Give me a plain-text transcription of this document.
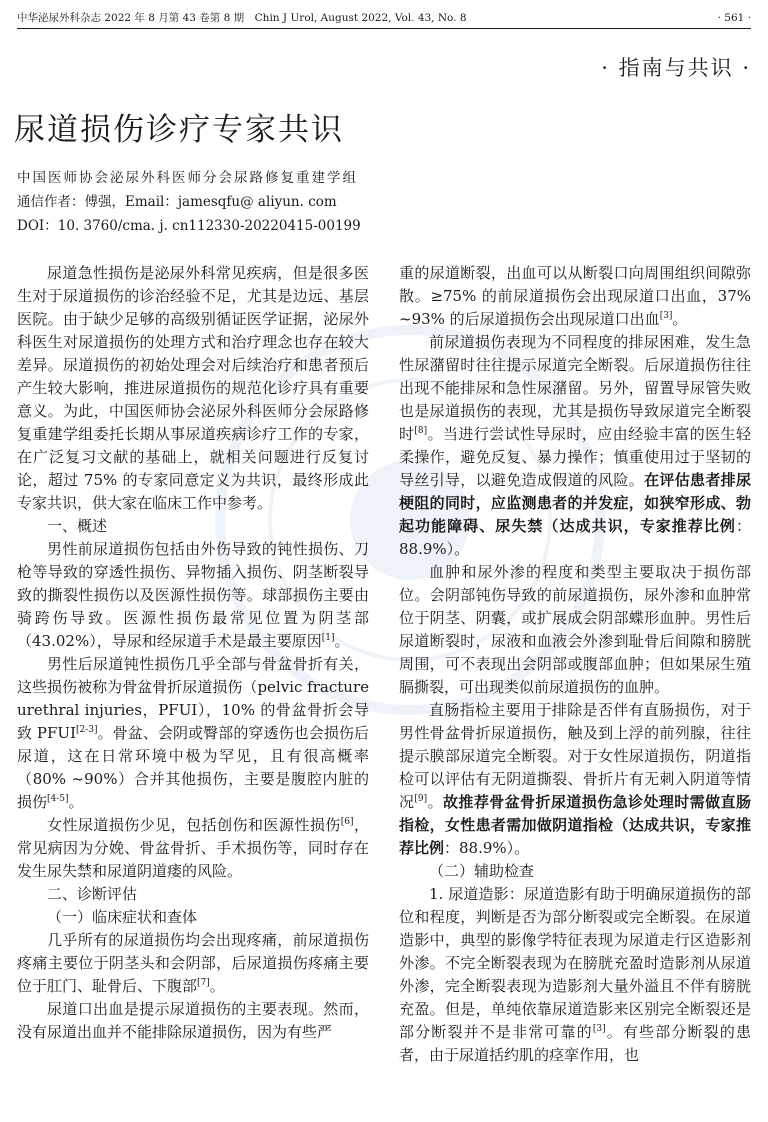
中华泌尿外科杂志 2022 年 8 月第 43 卷第 8 期　Chin J Urol, August 2022, Vol. 43, No. 8	· 561 ·
· 指南与共识 ·
尿道损伤诊疗专家共识
中国医师协会泌尿外科医师分会尿路修复重建学组
通信作者：傅强，Email：jamesqfu@ aliyun. com
DOI：10. 3760/cma. j. cn112330-20220415-00199

尿道急性损伤是泌尿外科常见疾病，但是很多医生对于尿道损伤的诊治经验不足，尤其是边远、基层医院。由于缺少足够的高级别循证医学证据，泌尿外科医生对尿道损伤的处理方式和治疗理念也存在较大差异。尿道损伤的初始处理会对后续治疗和患者预后产生较大影响，推进尿道损伤的规范化诊疗具有重要意义。为此，中国医师协会泌尿外科医师分会尿路修复重建学组委托长期从事尿道疾病诊疗工作的专家，在广泛复习文献的基础上，就相关问题进行反复讨论，超过 75% 的专家同意定义为共识，最终形成此专家共识，供大家在临床工作中参考。

一、概述

男性前尿道损伤包括由外伤导致的钝性损伤、刀枪等导致的穿透性损伤、异物插入损伤、阴茎断裂导致的撕裂性损伤以及医源性损伤等。球部损伤主要由骑跨伤导致。医源性损伤最常见位置为阴茎部（43.02%），导尿和经尿道手术是最主要原因[1]。

男性后尿道钝性损伤几乎全部与骨盆骨折有关，这些损伤被称为骨盆骨折尿道损伤（pelvic fracture urethral injuries，PFUI），10% 的骨盆骨折会导致 PFUI[2-3]。骨盆、会阴或臀部的穿透伤也会损伤后尿道，这在日常环境中极为罕见，且有很高概率（80% ~90%）合并其他损伤，主要是腹腔内脏的损伤[4-5]。

女性尿道损伤少见，包括创伤和医源性损伤[6]，常见病因为分娩、骨盆骨折、手术损伤等，同时存在发生尿失禁和尿道阴道瘘的风险。

二、诊断评估
（一）临床症状和查体

几乎所有的尿道损伤均会出现疼痛，前尿道损伤疼痛主要位于阴茎头和会阴部，后尿道损伤疼痛主要位于肛门、耻骨后、下腹部[7]。

尿道口出血是提示尿道损伤的主要表现。然而，没有尿道出血并不能排除尿道损伤，因为有些严

重的尿道断裂，出血可以从断裂口向周围组织间隙弥散。≥75% 的前尿道损伤会出现尿道口出血，37% ~93% 的后尿道损伤会出现尿道口出血[3]。

前尿道损伤表现为不同程度的排尿困难，发生急性尿潴留时往往提示尿道完全断裂。后尿道损伤往往出现不能排尿和急性尿潴留。另外，留置导尿管失败也是尿道损伤的表现，尤其是损伤导致尿道完全断裂时[8]。当进行尝试性导尿时，应由经验丰富的医生轻柔操作，避免反复、暴力操作；慎重使用过于坚韧的导丝引导，以避免造成假道的风险。在评估患者排尿梗阻的同时，应监测患者的并发症，如狭窄形成、勃起功能障碍、尿失禁（达成共识，专家推荐比例：88.9%）。

血肿和尿外渗的程度和类型主要取决于损伤部位。会阴部钝伤导致的前尿道损伤，尿外渗和血肿常位于阴茎、阴囊，或扩展成会阴部蝶形血肿。男性后尿道断裂时，尿液和血液会外渗到耻骨后间隙和膀胱周围，可不表现出会阴部或腹部血肿；但如果尿生殖膈撕裂，可出现类似前尿道损伤的血肿。

直肠指检主要用于排除是否伴有直肠损伤，对于男性骨盆骨折尿道损伤，触及到上浮的前列腺，往往提示膜部尿道完全断裂。对于女性尿道损伤，阴道指检可以评估有无阴道撕裂、骨折片有无刺入阴道等情况[9]。故推荐骨盆骨折尿道损伤急诊处理时需做直肠指检，女性患者需加做阴道指检（达成共识，专家推荐比例：88.9%）。

（二）辅助检查

1. 尿道造影：尿道造影有助于明确尿道损伤的部位和程度，判断是否为部分断裂或完全断裂。在尿道造影中，典型的影像学特征表现为尿道走行区造影剂外渗。不完全断裂表现为在膀胱充盈时造影剂从尿道外渗，完全断裂表现为造影剂大量外溢且不伴有膀胱充盈。但是，单纯依靠尿道造影来区别完全断裂还是部分断裂并不是非常可靠的[3]。有些部分断裂的患者，由于尿道括约肌的痉挛作用，也
